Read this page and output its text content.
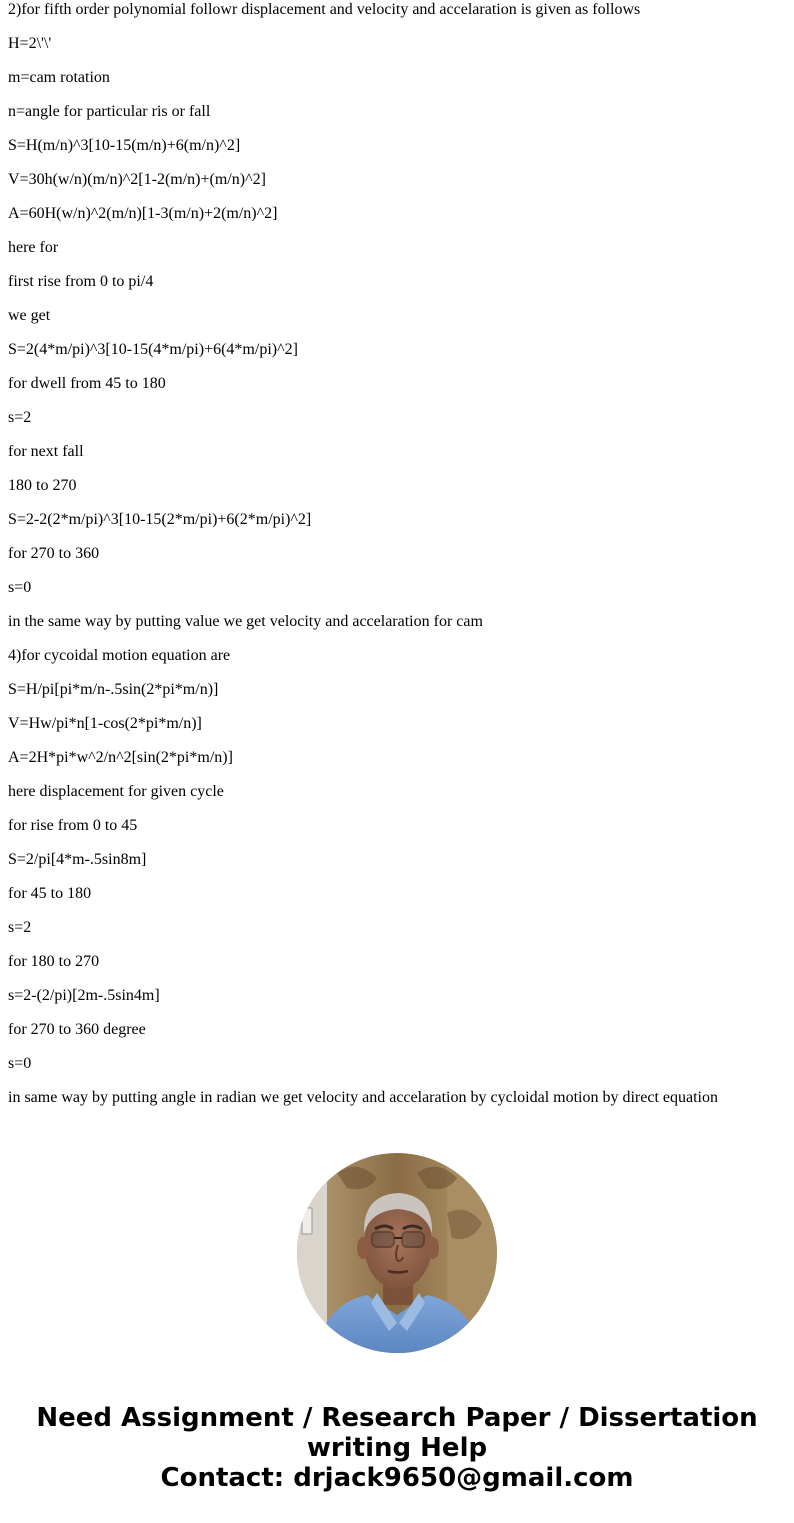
2)for fifth order polynomial followr displacement and velocity and accelaration is given as follows

H=2\'\'

m=cam rotation

n=angle for particular ris or fall

S=H(m/n)^3[10-15(m/n)+6(m/n)^2]

V=30h(w/n)(m/n)^2[1-2(m/n)+(m/n)^2]

A=60H(w/n)^2(m/n)[1-3(m/n)+2(m/n)^2]

here for

first rise from 0 to pi/4

we get

S=2(4*m/pi)^3[10-15(4*m/pi)+6(4*m/pi)^2]

for dwell from 45 to 180

s=2

for next fall

180 to 270

S=2-2(2*m/pi)^3[10-15(2*m/pi)+6(2*m/pi)^2]

for 270 to 360

s=0

in the same way by putting value we get velocity and accelaration for cam

4)for cycoidal motion equation are

S=H/pi[pi*m/n-.5sin(2*pi*m/n)]

V=Hw/pi*n[1-cos(2*pi*m/n)]

A=2H*pi*w^2/n^2[sin(2*pi*m/n)]

here displacement for given cycle

for rise from 0 to 45

S=2/pi[4*m-.5sin8m]

for 45 to 180

s=2

for 180 to 270

s=2-(2/pi)[2m-.5sin4m]

for 270 to 360 degree

s=0

in same way by putting angle in radian we get velocity and accelaration by cycloidal motion by direct equation

Need Assignment / Research Paper / Dissertation
writing Help
Contact: drjack9650@gmail.com
